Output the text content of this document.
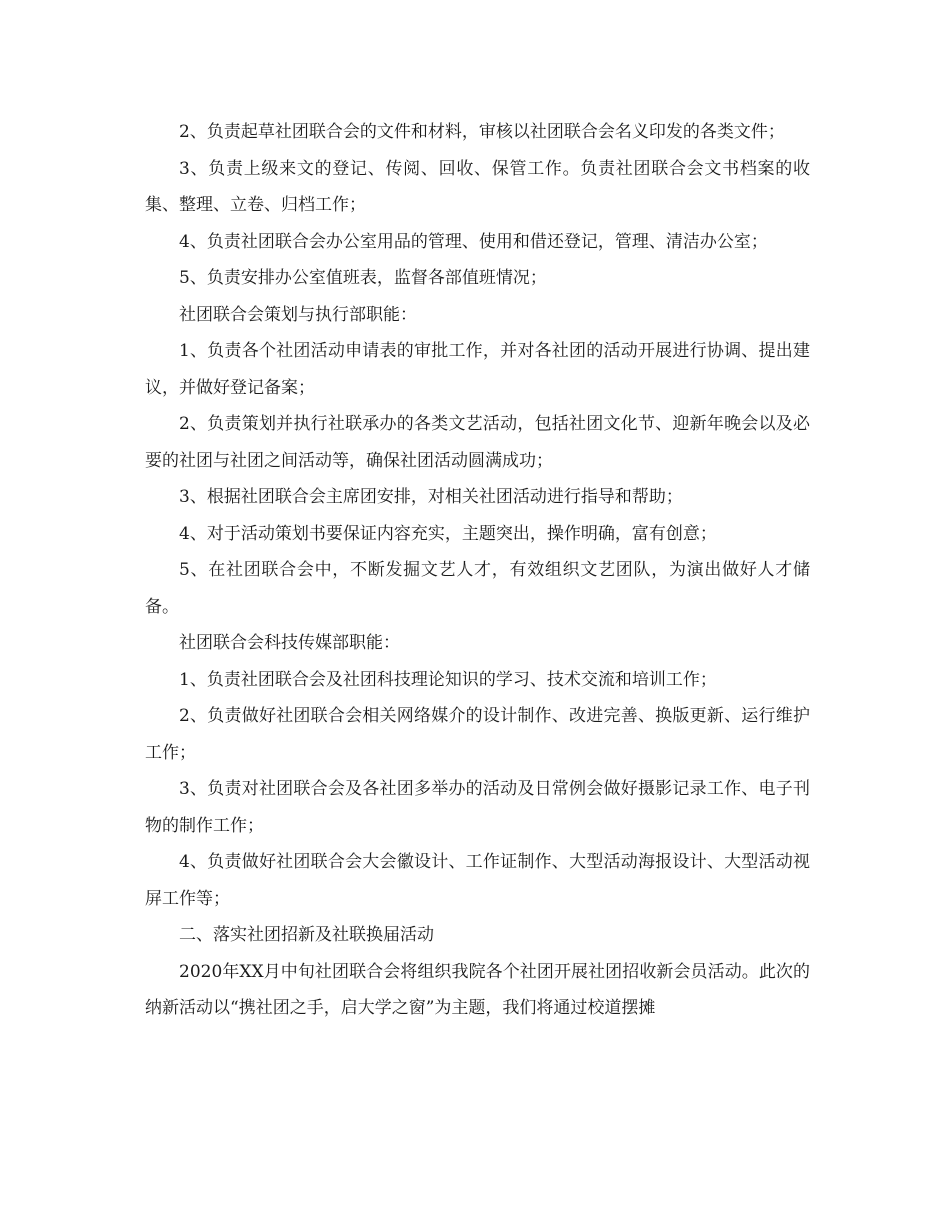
2、负责起草社团联合会的文件和材料，审核以社团联合会名义印发的各类文件；

3、负责上级来文的登记、传阅、回收、保管工作。负责社团联合会文书档案的收集、整理、立卷、归档工作；

4、负责社团联合会办公室用品的管理、使用和借还登记，管理、清洁办公室；

5、负责安排办公室值班表，监督各部值班情况；

社团联合会策划与执行部职能：

1、负责各个社团活动申请表的审批工作，并对各社团的活动开展进行协调、提出建议，并做好登记备案；

2、负责策划并执行社联承办的各类文艺活动，包括社团文化节、迎新年晚会以及必要的社团与社团之间活动等，确保社团活动圆满成功；

3、根据社团联合会主席团安排，对相关社团活动进行指导和帮助；

4、对于活动策划书要保证内容充实，主题突出，操作明确，富有创意；

5、在社团联合会中，不断发掘文艺人才，有效组织文艺团队，为演出做好人才储备。

社团联合会科技传媒部职能：

1、负责社团联合会及社团科技理论知识的学习、技术交流和培训工作；

2、负责做好社团联合会相关网络媒介的设计制作、改进完善、换版更新、运行维护工作；

3、负责对社团联合会及各社团多举办的活动及日常例会做好摄影记录工作、电子刊物的制作工作；

4、负责做好社团联合会大会徽设计、工作证制作、大型活动海报设计、大型活动视屏工作等；

二、落实社团招新及社联换届活动

2020年XX月中旬社团联合会将组织我院各个社团开展社团招收新会员活动。此次的纳新活动以“携社团之手，启大学之窗”为主题，我们将通过校道摆摊
